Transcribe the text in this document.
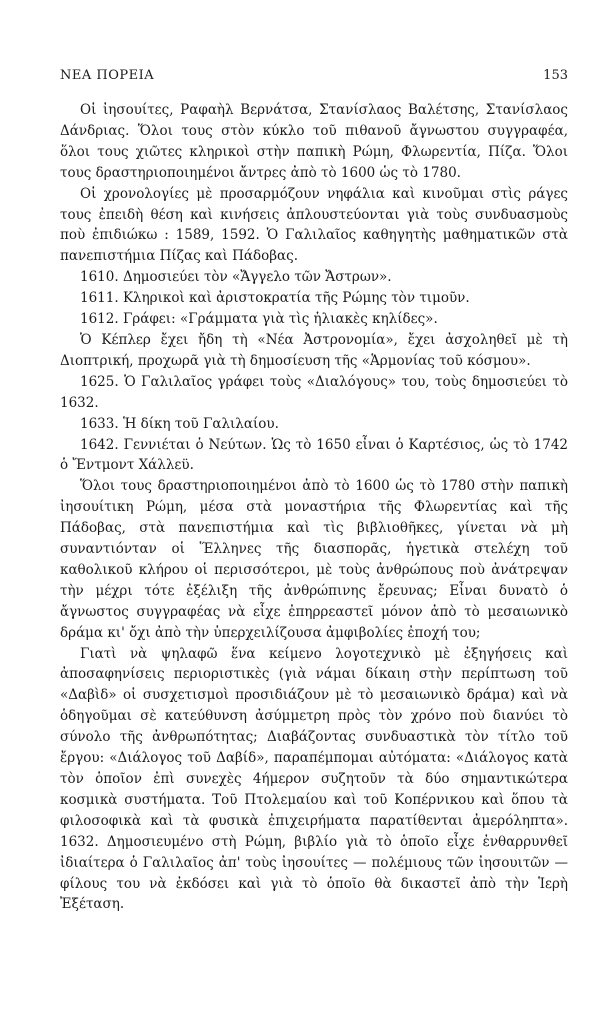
ΝΕΑ ΠΟΡΕΙΑ	153

Οἱ ἰησουίτες, Ραφαὴλ Βερνάτσα, Στανίσλαος Βαλέτσης, Στανίσλαος Δάνδριας. Ὅλοι τους στὸν κύκλο τοῦ πιθανοῦ ἄγνωστου συγγραφέα, ὅλοι τους χιῶτες κληρικοὶ στὴν παπικὴ Ρώμη, Φλωρεντία, Πίζα. Ὅλοι τους δραστηριοποιημένοι ἄντρες ἀπὸ τὸ 1600 ὡς τὸ 1780.

Οἱ χρονολογίες μὲ προσαρμόζουν νηφάλια καὶ κινοῦμαι στὶς ράγες τους ἐπειδὴ θέση καὶ κινήσεις ἀπλουστεύονται γιὰ τοὺς συνδυασμοὺς ποὺ ἐπιδιώκω : 1589, 1592. Ὁ Γαλιλαῖος καθηγητὴς μαθηματικῶν στὰ πανεπιστήμια Πίζας καὶ Πάδοβας.

1610. Δημοσιεύει τὸν «Ἄγγελο τῶν Ἄστρων».

1611. Κληρικοὶ καὶ ἀριστοκρατία τῆς Ρώμης τὸν τιμοῦν.

1612. Γράφει: «Γράμματα γιὰ τὶς ἡλιακὲς κηλίδες».

Ὁ Κέπλερ ἔχει ἤδη τὴ «Νέα Ἀστρονομία», ἔχει ἀσχοληθεῖ μὲ τὴ Διοπτρική, προχωρᾶ γιὰ τὴ δημοσίευση τῆς «Ἁρμονίας τοῦ κόσμου».

1625. Ὁ Γαλιλαῖος γράφει τοὺς «Διαλόγους» του, τοὺς δημοσιεύει τὸ 1632.

1633. Ἡ δίκη τοῦ Γαλιλαίου.

1642. Γεννιέται ὁ Νεύτων. Ὡς τὸ 1650 εἶναι ὁ Καρτέσιος, ὡς τὸ 1742 ὁ Ἔντμοντ Χάλλεϋ.

Ὅλοι τους δραστηριοποιημένοι ἀπὸ τὸ 1600 ὡς τὸ 1780 στὴν παπικὴ ἰησουίτικη Ρώμη, μέσα στὰ μοναστήρια τῆς Φλωρεντίας καὶ τῆς Πάδοβας, στὰ πανεπιστήμια καὶ τὶς βιβλιοθῆκες, γίνεται νὰ μὴ συναντιόνταν οἱ Ἕλληνες τῆς διασπορᾶς, ἡγετικὰ στελέχη τοῦ καθολικοῦ κλήρου οἱ περισσότεροι, μὲ τοὺς ἀνθρώπους ποὺ ἀνάτρεψαν τὴν μέχρι τότε ἐξέλιξη τῆς ἀνθρώπινης ἔρευνας; Εἶναι δυνατὸ ὁ ἄγνωστος συγγραφέας νὰ εἶχε ἐπηρρεαστεῖ μόνον ἀπὸ τὸ μεσαιωνικὸ δράμα κι' ὄχι ἀπὸ τὴν ὑπερχειλίζουσα ἀμφιβολίες ἐποχή του;

Γιατὶ νὰ ψηλαφῶ ἕνα κείμενο λογοτεχνικὸ μὲ ἐξηγήσεις καὶ ἀποσαφηνίσεις περιοριστικὲς (γιὰ νάμαι δίκαιη στὴν περίπτωση τοῦ «Δαβὶδ» οἱ συσχετισμοὶ προσιδιάζουν μὲ τὸ μεσαιωνικὸ δράμα) καὶ νὰ ὁδηγοῦμαι σὲ κατεύθυνση ἀσύμμετρη πρὸς τὸν χρόνο ποὺ διανύει τὸ σύνολο τῆς ἀνθρωπότητας; Διαβάζοντας συνδυαστικὰ τὸν τίτλο τοῦ ἔργου: «Διάλογος τοῦ Δαβίδ», παραπέμπομαι αὐτόματα: «Διάλογος κατὰ τὸν ὁποῖον ἐπὶ συνεχὲς 4ήμερον συζητοῦν τὰ δύο σημαντικώτερα κοσμικὰ συστήματα. Τοῦ Πτολεμαίου καὶ τοῦ Κοπέρνικου καὶ ὅπου τὰ φιλοσοφικὰ καὶ τὰ φυσικὰ ἐπιχειρήματα παρατίθενται ἀμερόληπτα». 1632. Δημοσιευμένο στὴ Ρώμη, βιβλίο γιὰ τὸ ὁποῖο εἶχε ἐνθαρρυνθεῖ ἰδιαίτερα ὁ Γαλιλαῖος ἀπ' τοὺς ἰησουίτες — πολέμιους τῶν ἰησουιτῶν — φίλους του νὰ ἐκδόσει καὶ γιὰ τὸ ὁποῖο θὰ δικαστεῖ ἀπὸ τὴν Ἱερὴ Ἐξέταση.
